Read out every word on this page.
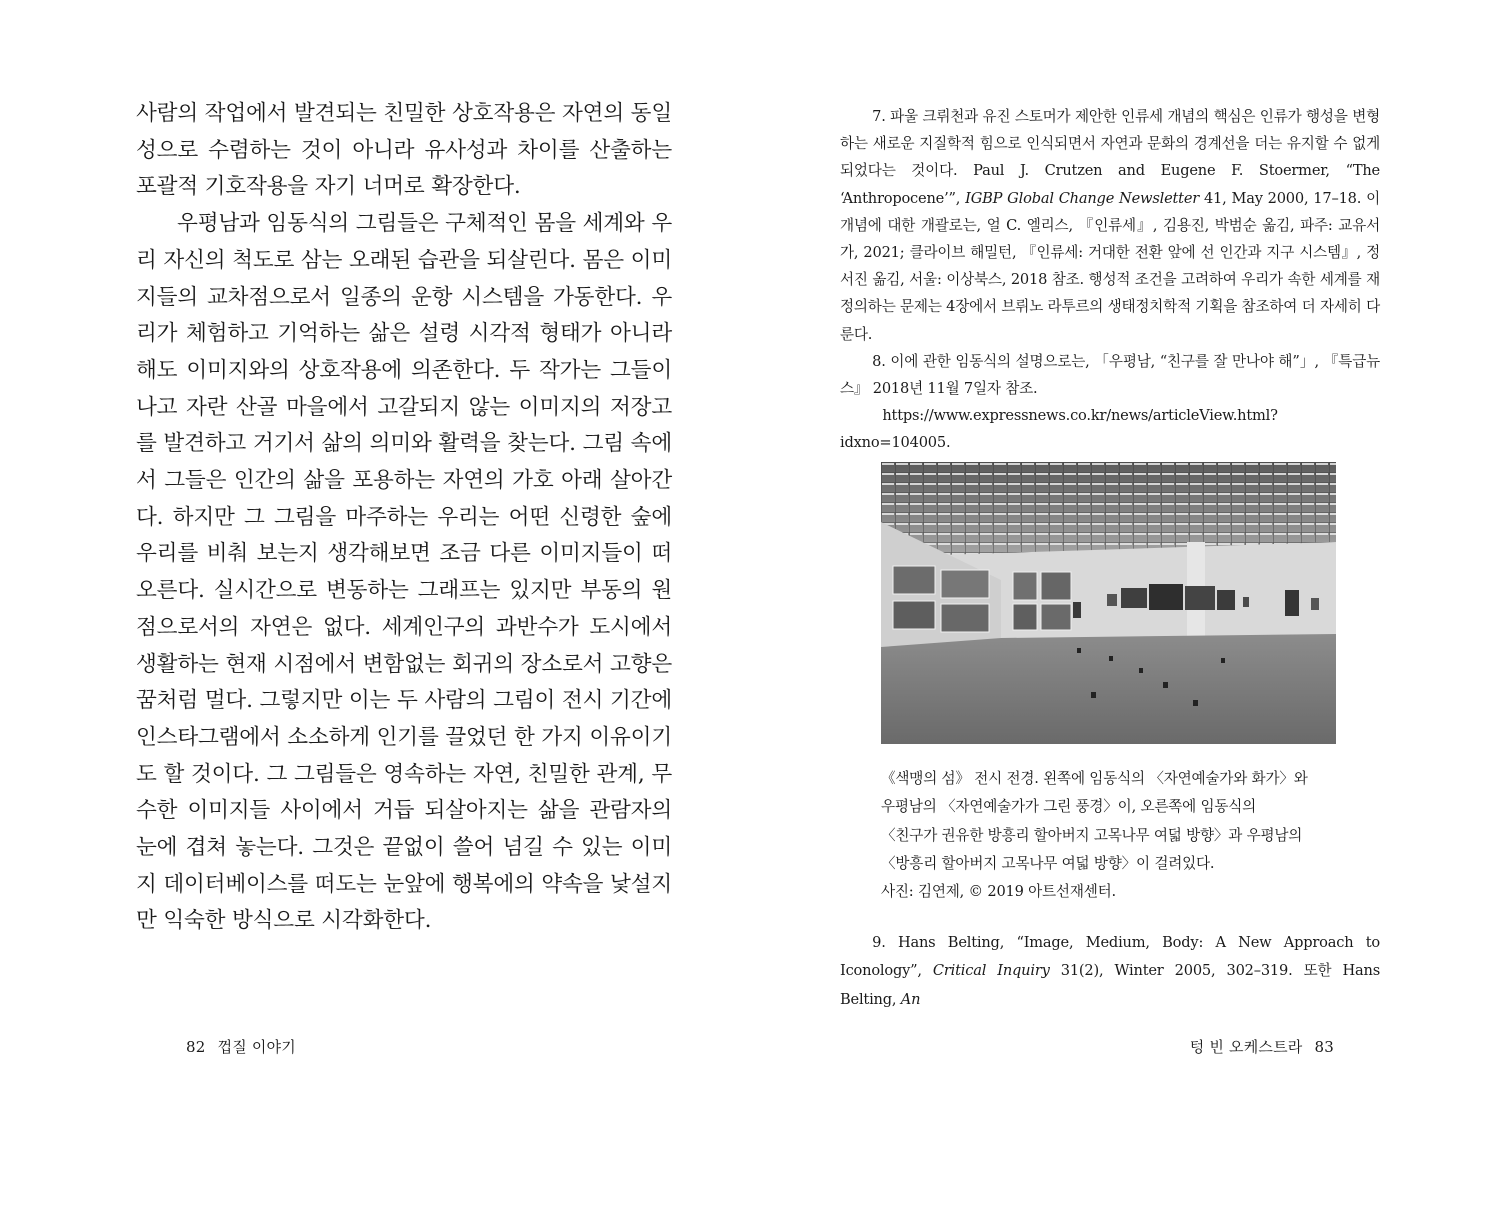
사람의 작업에서 발견되는 친밀한 상호작용은 자연의 동일성으로 수렴하는 것이 아니라 유사성과 차이를 산출하는 포괄적 기호작용을 자기 너머로 확장한다.

우평남과 임동식의 그림들은 구체적인 몸을 세계와 우리 자신의 척도로 삼는 오래된 습관을 되살린다. 몸은 이미지들의 교차점으로서 일종의 운항 시스템을 가동한다. 우리가 체험하고 기억하는 삶은 설령 시각적 형태가 아니라 해도 이미지와의 상호작용에 의존한다. 두 작가는 그들이 나고 자란 산골 마을에서 고갈되지 않는 이미지의 저장고를 발견하고 거기서 삶의 의미와 활력을 찾는다. 그림 속에서 그들은 인간의 삶을 포용하는 자연의 가호 아래 살아간다. 하지만 그 그림을 마주하는 우리는 어떤 신령한 숲에 우리를 비춰 보는지 생각해보면 조금 다른 이미지들이 떠오른다. 실시간으로 변동하는 그래프는 있지만 부동의 원점으로서의 자연은 없다. 세계인구의 과반수가 도시에서 생활하는 현재 시점에서 변함없는 회귀의 장소로서 고향은 꿈처럼 멀다. 그렇지만 이는 두 사람의 그림이 전시 기간에 인스타그램에서 소소하게 인기를 끌었던 한 가지 이유이기도 할 것이다. 그 그림들은 영속하는 자연, 친밀한 관계, 무수한 이미지들 사이에서 거듭 되살아지는 삶을 관람자의 눈에 겹쳐 놓는다. 그것은 끝없이 쓸어 넘길 수 있는 이미지 데이터베이스를 떠도는 눈앞에 행복에의 약속을 낯설지만 익숙한 방식으로 시각화한다.

82 껍질 이야기

7. 파울 크뤼천과 유진 스토머가 제안한 인류세 개념의 핵심은 인류가 행성을 변형하는 새로운 지질학적 힘으로 인식되면서 자연과 문화의 경계선을 더는 유지할 수 없게 되었다는 것이다. Paul J. Crutzen and Eugene F. Stoermer, “The ‘Anthropocene’”, IGBP Global Change Newsletter 41, May 2000, 17–18. 이 개념에 대한 개괄로는, 얼 C. 엘리스, 『인류세』, 김용진, 박범순 옮김, 파주: 교유서가, 2021; 클라이브 해밀턴, 『인류세: 거대한 전환 앞에 선 인간과 지구 시스템』, 정서진 옮김, 서울: 이상북스, 2018 참조. 행성적 조건을 고려하여 우리가 속한 세계를 재정의하는 문제는 4장에서 브뤼노 라투르의 생태정치학적 기획을 참조하여 더 자세히 다룬다.

8. 이에 관한 임동식의 설명으로는, 「우평남, “친구를 잘 만나야 해”」, 『특급뉴스』 2018년 11월 7일자 참조.
https://www.expressnews.co.kr/news/articleView.html?idxno=104005.

《색맹의 섬》 전시 전경. 왼쪽에 임동식의 〈자연예술가와 화가〉와

우평남의 〈자연예술가가 그린 풍경〉이, 오른쪽에 임동식의

〈친구가 권유한 방흥리 할아버지 고목나무 여덟 방향〉과 우평남의

〈방흥리 할아버지 고목나무 여덟 방향〉이 걸려있다.

사진: 김연제, © 2019 아트선재센터.

9. Hans Belting, “Image, Medium, Body: A New Approach to Iconology”, Critical Inquiry 31(2), Winter 2005, 302–319. 또한 Hans Belting, An

텅 빈 오케스트라 83
